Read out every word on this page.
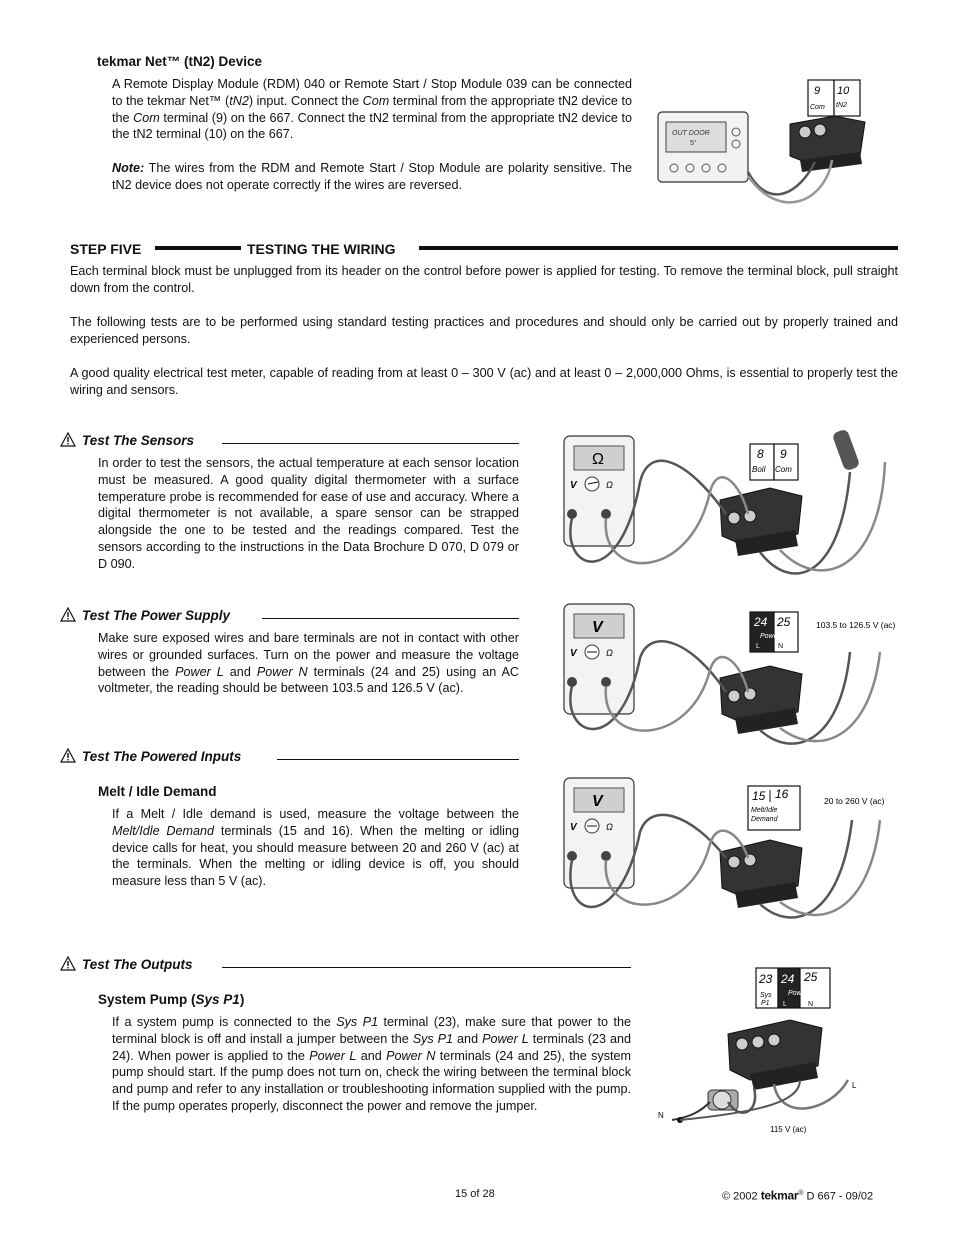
tekmar Net™ (tN2) Device
A Remote Display Module (RDM) 040 or Remote Start / Stop Module 039 can be connected to the tekmar Net™ (tN2) input. Connect the Com terminal from the appropriate tN2 device to the Com terminal (9) on the 667. Connect the tN2 terminal from the appropriate tN2 device to the tN2 terminal (10) on the 667.
Note: The wires from the RDM and Remote Start / Stop Module are polarity sensitive. The tN2 device does not operate correctly if the wires are reversed.
OUT DOOR
5°
9 10
Com tN2
STEP FIVE	TESTING THE WIRING
Each terminal block must be unplugged from its header on the control before power is applied for testing. To remove the terminal block, pull straight down from the control.
The following tests are to be performed using standard testing practices and procedures and should only be carried out by properly trained and experienced persons.
A good quality electrical test meter, capable of reading from at least 0 – 300 V (ac) and at least 0 – 2,000,000 Ohms, is essential to properly test the wiring and sensors.
Test The Sensors
In order to test the sensors, the actual temperature at each sensor location must be measured. A good quality digital thermometer with a surface temperature probe is recommended for ease of use and accuracy. Where a digital thermometer is not available, a spare sensor can be strapped alongside the one to be tested and the readings compared. Test the sensors according to the instructions in the Data Brochure D 070, D 079 or D 090.
Ω
V	Ω
8 9
Boil Com
Test The Power Supply
Make sure exposed wires and bare terminals are not in contact with other wires or grounded surfaces. Turn on the power and measure the voltage between the Power L and Power N terminals (24 and 25) using an AC voltmeter, the reading should be between 103.5 and 126.5 V (ac).
V
V	Ω
24 25
Power
L	N
103.5 to 126.5 V (ac)
Test The Powered Inputs
Melt / Idle Demand
If a Melt / Idle demand is used, measure the voltage between the Melt/Idle Demand terminals (15 and 16). When the melting or idling device calls for heat, you should measure between 20 and 260 V (ac) at the terminals. When the melting or idling device is off, you should measure less than 5 V (ac).
V
V	Ω
15 16
Melt/Idle
Demand
20 to 260 V (ac)
Test The Outputs
System Pump (Sys P1)
If a system pump is connected to the Sys P1 terminal (23), make sure that power to the terminal block is off and install a jumper between the Sys P1 and Power L terminals (23 and 24). When power is applied to the Power L and Power N terminals (24 and 25), the system pump should start. If the pump does not turn on, check the wiring between the terminal block and pump and refer to any installation or troubleshooting information supplied with the pump. If the pump operates properly, disconnect the power and remove the jumper.
23 24 25
Sys
P1
Power
L	N
L
N
115 V (ac)
15 of 28	© 2002 tekmar® D 667 - 09/02
